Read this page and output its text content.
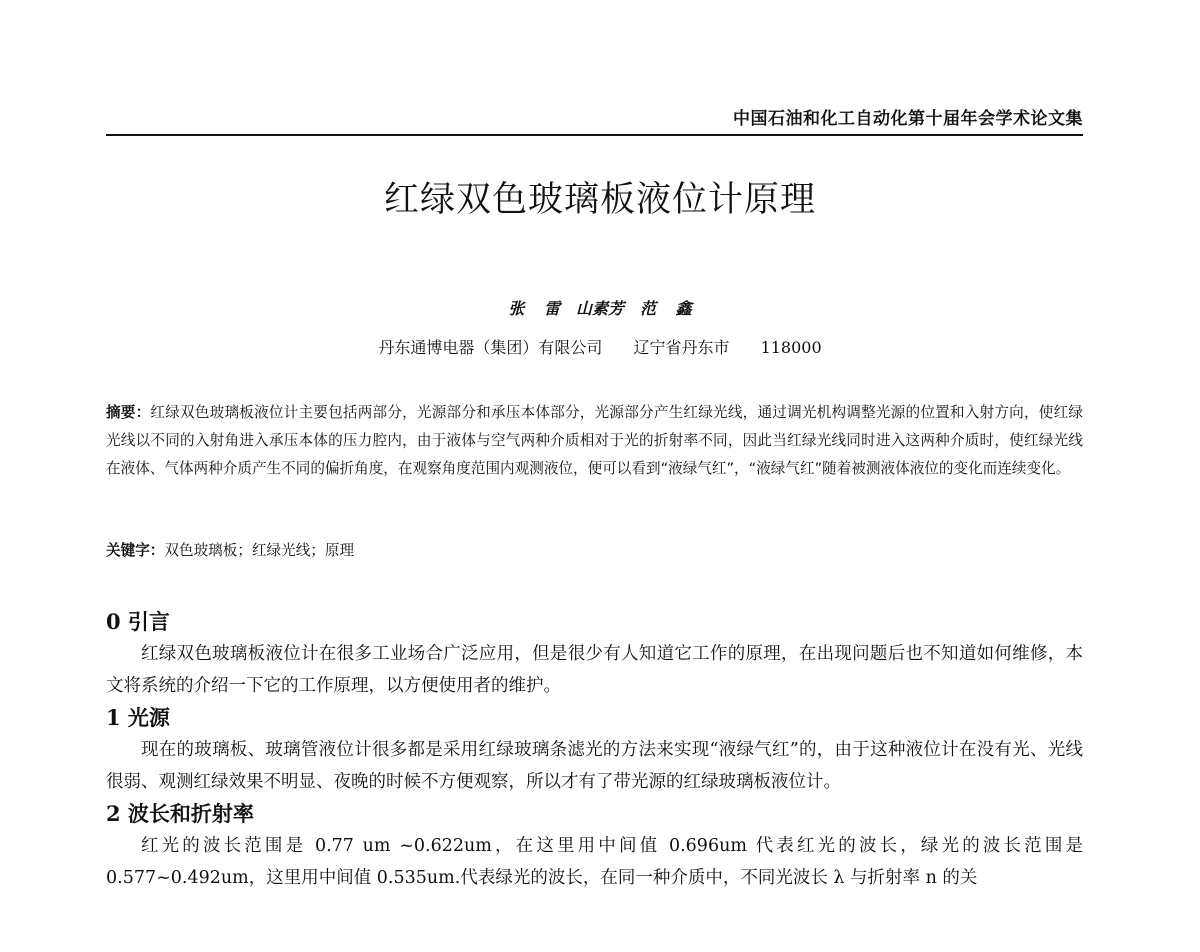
中国石油和化工自动化第十届年会学术论文集
红绿双色玻璃板液位计原理
张 雷　山素芳　范 鑫
丹东通博电器（集团）有限公司 辽宁省丹东市 118000
摘要：红绿双色玻璃板液位计主要包括两部分，光源部分和承压本体部分，光源部分产生红绿光线，通过调光机构调整光源的位置和入射方向，使红绿光线以不同的入射角进入承压本体的压力腔内，由于液体与空气两种介质相对于光的折射率不同，因此当红绿光线同时进入这两种介质时，使红绿光线在液体、气体两种介质产生不同的偏折角度，在观察角度范围内观测液位，便可以看到“液绿气红”，“液绿气红”随着被测液体液位的变化而连续变化。
关键字：双色玻璃板；红绿光线；原理
0 引言

红绿双色玻璃板液位计在很多工业场合广泛应用，但是很少有人知道它工作的原理，在出现问题后也不知道如何维修，本文将系统的介绍一下它的工作原理，以方便使用者的维护。

1 光源

现在的玻璃板、玻璃管液位计很多都是采用红绿玻璃条滤光的方法来实现“液绿气红”的，由于这种液位计在没有光、光线很弱、观测红绿效果不明显、夜晚的时候不方便观察，所以才有了带光源的红绿玻璃板液位计。

2 波长和折射率

红光的波长范围是 0.77 um ~0.622um，在这里用中间值 0.696um 代表红光的波长，绿光的波长范围是0.577~0.492um，这里用中间值 0.535um.代表绿光的波长，在同一种介质中，不同光波长 λ 与折射率 n 的关
